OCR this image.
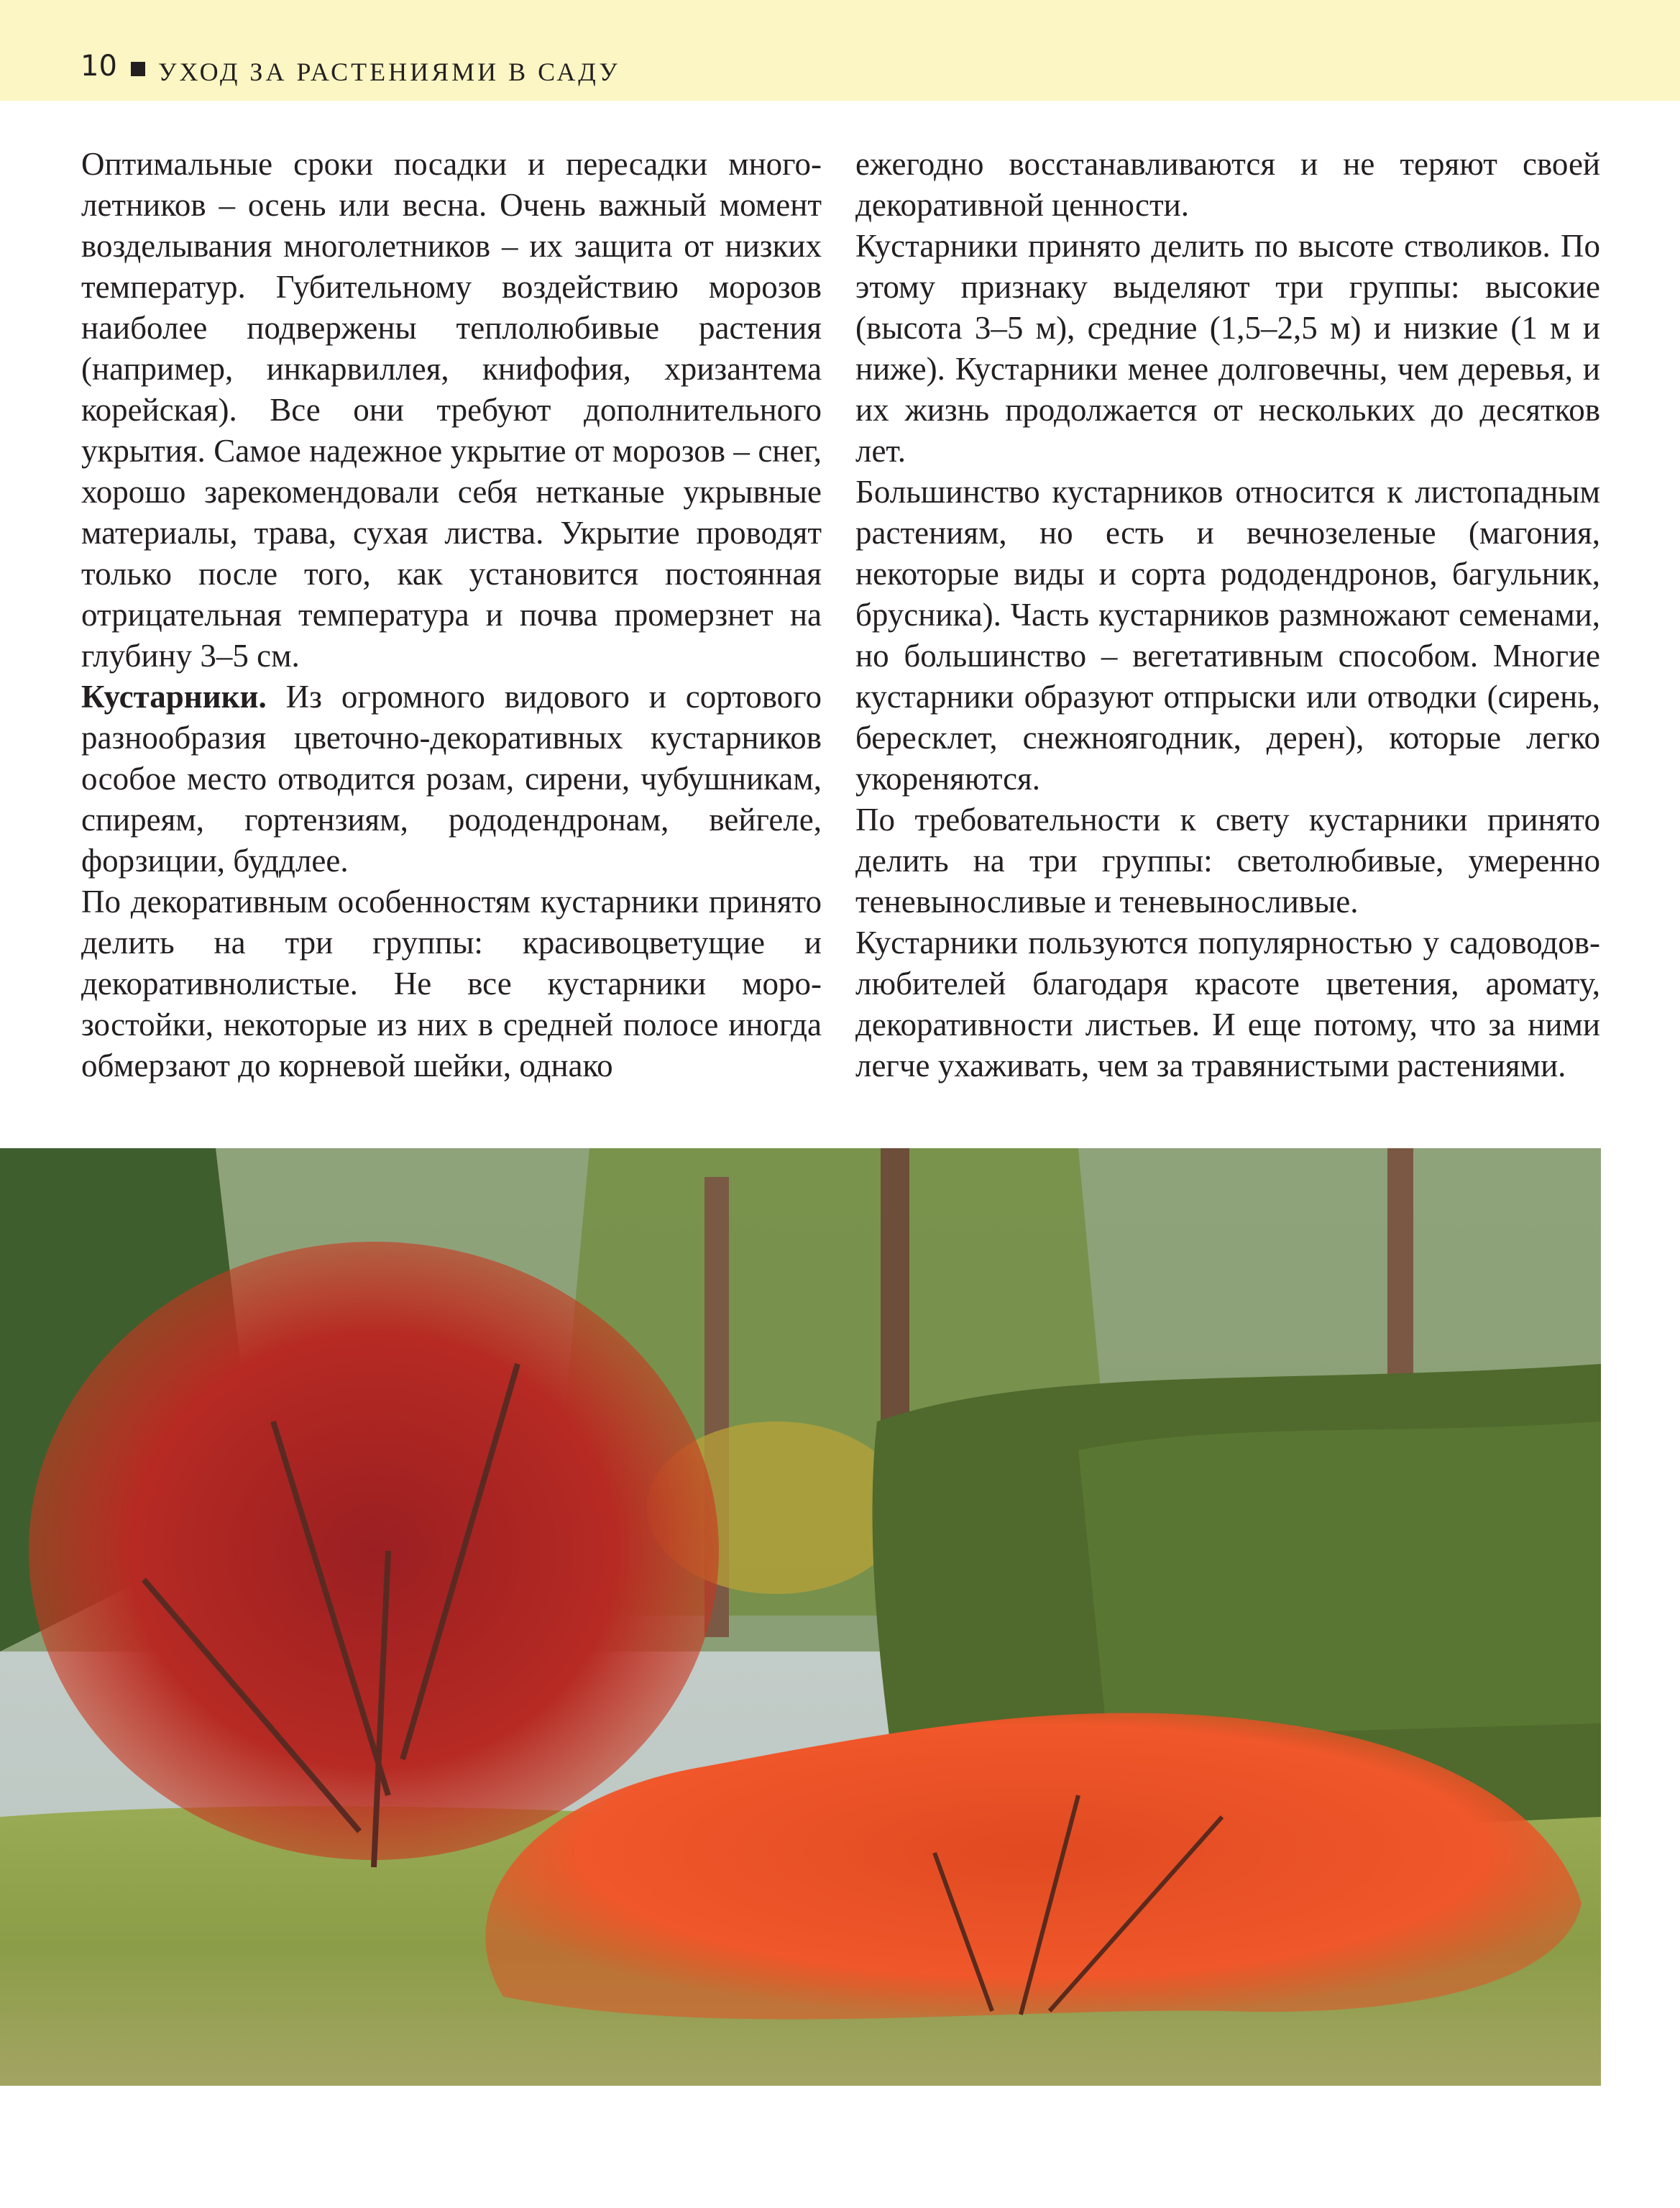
10 УХОД ЗА РАСТЕНИЯМИ В САДУ

Оптимальные сроки посадки и пересадки многолетников – осень или весна. Очень важный момент возделывания многолетников – их защита от низких температур. Губительному воздействию морозов наиболее подвержены теплолюбивые растения (например, инкарвиллея, книфофия, хризантема корейская). Все они требуют дополнительного укрытия. Самое надежное укрытие от морозов – снег, хорошо зарекомендовали себя нетканые укрывные материалы, трава, сухая листва. Укрытие проводят только после того, как установится постоянная отрицательная температура и почва промерзнет на глубину 3–5 см.

Кустарники. Из огромного видового и сортового разнообразия цветочно-декоративных кустарников особое место отводится розам, сирени, чубушникам, спиреям, гортензиям, рододендронам, вейгеле, форзиции, буддлее.

По декоративным особенностям кустарники принято делить на три группы: красивоцветущие и декоративнолистые. Не все кустарники морозостойки, некоторые из них в средней полосе иногда обмерзают до корневой шейки, однако

ежегодно восстанавливаются и не теряют своей декоративной ценности.

Кустарники принято делить по высоте стволиков. По этому признаку выделяют три группы: высокие (высота 3–5 м), средние (1,5–2,5 м) и низкие (1 м и ниже). Кустарники менее долговечны, чем деревья, и их жизнь продолжается от нескольких до десятков лет.

Большинство кустарников относится к листопадным растениям, но есть и вечнозеленые (магония, некоторые виды и сорта рододендронов, багульник, брусника). Часть кустарников размножают семенами, но большинство – вегетативным способом. Многие кустарники образуют отпрыски или отводки (сирень, бересклет, снежноягодник, дерен), которые легко укореняются.

По требовательности к свету кустарники принято делить на три группы: светолюбивые, умеренно теневыносливые и теневыносливые.

Кустарники пользуются популярностью у садоводов-любителей благодаря красоте цветения, аромату, декоративности листьев. И еще потому, что за ними легче ухаживать, чем за травянистыми растениями.
